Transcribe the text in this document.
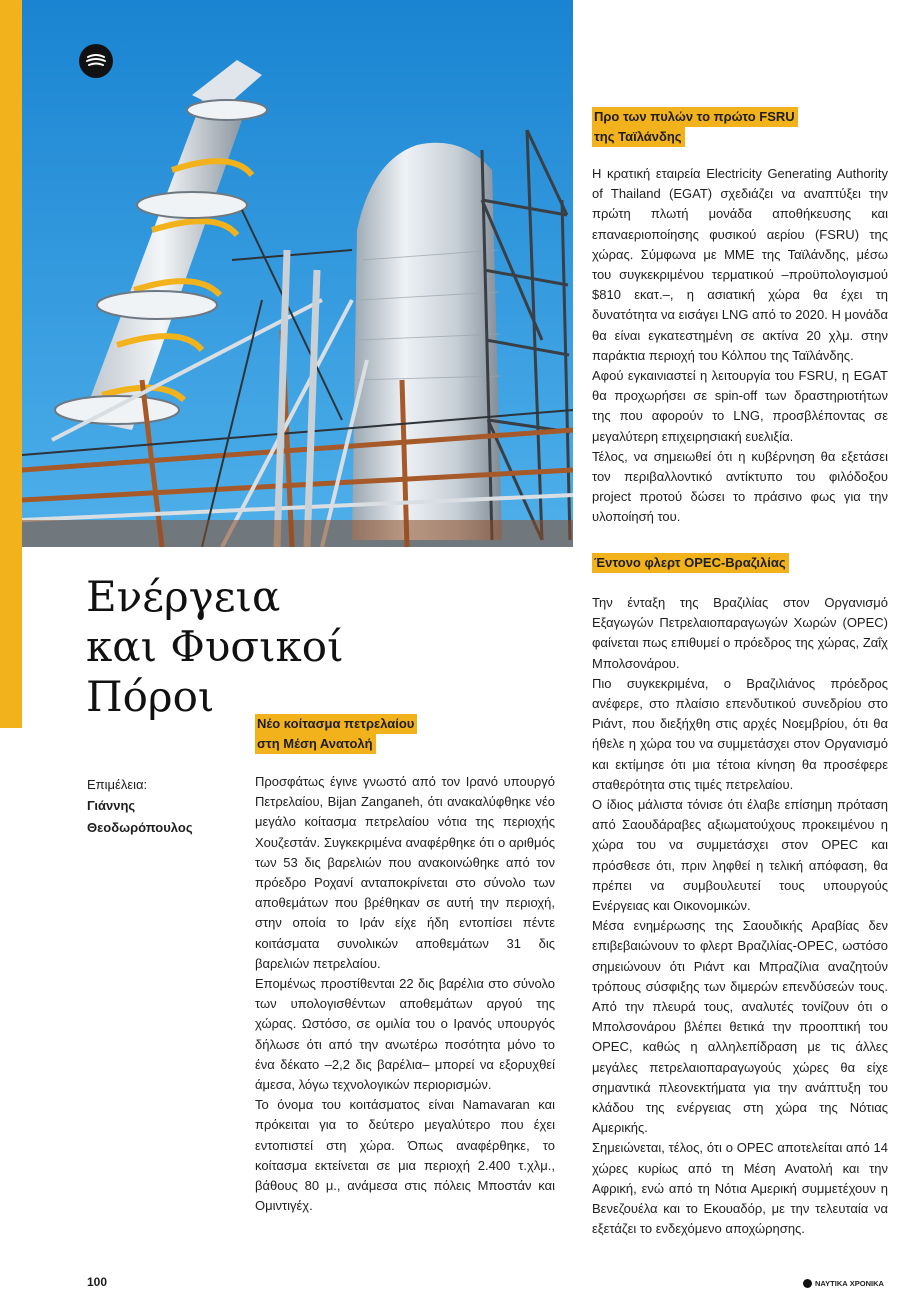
Ενέργεια
και Φυσικοί
Πόροι
Επιμέλεια:
Γιάννης
Θεοδωρόπουλος
Νέο κοίτασμα πετρελαίου
στη Μέση Ανατολή

Προσφάτως έγινε γνωστό από τον Ιρανό υπουργό Πετρελαίου, Bijan Zanganeh, ότι ανακαλύφθηκε νέο μεγάλο κοίτασμα πετρελαίου νότια της περιοχής Χουζεστάν. Συγκεκριμένα αναφέρθηκε ότι ο αριθμός των 53 δις βαρελιών που ανακοινώθηκε από τον πρόεδρο Ροχανί ανταποκρίνεται στο σύνολο των αποθεμάτων που βρέθηκαν σε αυτή την περιοχή, στην οποία το Ιράν είχε ήδη εντοπίσει πέντε κοιτάσματα συνολικών αποθεμάτων 31 δις βαρελιών πετρελαίου.

Επομένως προστίθενται 22 δις βαρέλια στο σύνολο των υπολογισθέντων αποθεμάτων αργού της χώρας. Ωστόσο, σε ομιλία του ο Ιρανός υπουργός δήλωσε ότι από την ανωτέρω ποσότητα μόνο το ένα δέκατο –2,2 δις βαρέλια– μπορεί να εξορυχθεί άμεσα, λόγω τεχνολογικών περιορισμών.

Το όνομα του κοιτάσματος είναι Namavaran και πρόκειται για το δεύτερο μεγαλύτερο που έχει εντοπιστεί στη χώρα. Όπως αναφέρθηκε, το κοίτασμα εκτείνεται σε μια περιοχή 2.400 τ.χλμ., βάθους 80 μ., ανάμεσα στις πόλεις Μποστάν και Ομιντιγέχ.

Προ των πυλών το πρώτο FSRU
της Ταϊλάνδης

Η κρατική εταιρεία Electricity Generating Authority of Thailand (EGAT) σχεδιάζει να αναπτύξει την πρώτη πλωτή μονάδα αποθήκευσης και επαναεριοποίησης φυσικού αερίου (FSRU) της χώρας. Σύμφωνα με ΜΜΕ της Ταϊλάνδης, μέσω του συγκεκριμένου τερματικού –προϋπολογισμού $810 εκατ.–, η ασιατική χώρα θα έχει τη δυνατότητα να εισάγει LNG από το 2020. Η μονάδα θα είναι εγκατεστημένη σε ακτίνα 20 χλμ. στην παράκτια περιοχή του Κόλπου της Ταϊλάνδης.

Αφού εγκαινιαστεί η λειτουργία του FSRU, η EGAT θα προχωρήσει σε spin-off των δραστηριοτήτων της που αφορούν το LNG, προσβλέποντας σε μεγαλύτερη επιχειρησιακή ευελιξία.

Τέλος, να σημειωθεί ότι η κυβέρνηση θα εξετάσει τον περιβαλλοντικό αντίκτυπο του φιλόδοξου project προτού δώσει το πράσινο φως για την υλοποίησή του.

Έντονο φλερτ OPEC-Βραζιλίας

Την ένταξη της Βραζιλίας στον Οργανισμό Εξαγωγών Πετρελαιοπαραγωγών Χωρών (OPEC) φαίνεται πως επιθυμεί ο πρόεδρος της χώρας, Ζαΐχ Μπολσονάρου.

Πιο συγκεκριμένα, ο Βραζιλιάνος πρόεδρος ανέφερε, στο πλαίσιο επενδυτικού συνεδρίου στο Ριάντ, που διεξήχθη στις αρχές Νοεμβρίου, ότι θα ήθελε η χώρα του να συμμετάσχει στον Οργανισμό και εκτίμησε ότι μια τέτοια κίνηση θα προσέφερε σταθερότητα στις τιμές πετρελαίου.

Ο ίδιος μάλιστα τόνισε ότι έλαβε επίσημη πρόταση από Σαουδάραβες αξιωματούχους προκειμένου η χώρα του να συμμετάσχει στον OPEC και πρόσθεσε ότι, πριν ληφθεί η τελική απόφαση, θα πρέπει να συμβουλευτεί τους υπουργούς Ενέργειας και Οικονομικών.

Μέσα ενημέρωσης της Σαουδικής Αραβίας δεν επιβεβαιώνουν το φλερτ Βραζιλίας-OPEC, ωστόσο σημειώνουν ότι Ριάντ και Μπραζίλια αναζητούν τρόπους σύσφιξης των διμερών επενδύσεών τους. Από την πλευρά τους, αναλυτές τονίζουν ότι ο Μπολσονάρου βλέπει θετικά την προοπτική του OPEC, καθώς η αλληλεπίδραση με τις άλλες μεγάλες πετρελαιοπαραγωγούς χώρες θα είχε σημαντικά πλεονεκτήματα για την ανάπτυξη του κλάδου της ενέργειας στη χώρα της Νότιας Αμερικής.

Σημειώνεται, τέλος, ότι ο OPEC αποτελείται από 14 χώρες κυρίως από τη Μέση Ανατολή και την Αφρική, ενώ από τη Νότια Αμερική συμμετέχουν η Βενεζουέλα και το Εκουαδόρ, με την τελευταία να εξετάζει το ενδεχόμενο αποχώρησης.

100	ΝΑΥΤΙΚΑ ΧΡΟΝΙΚΑ
